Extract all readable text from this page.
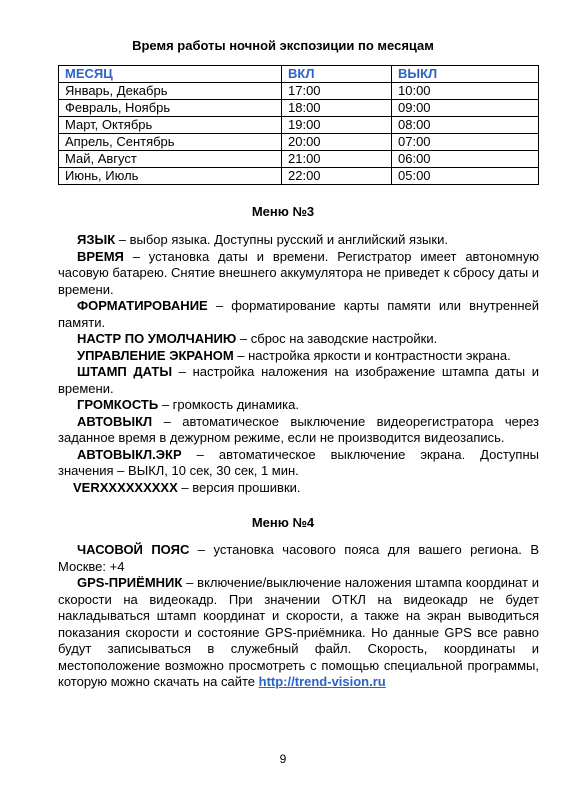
Время работы ночной экспозиции по месяцам
МЕСЯЦ	ВКЛ	ВЫКЛ
Январь, Декабрь	17:00	10:00
Февраль, Ноябрь	18:00	09:00
Март, Октябрь	19:00	08:00
Апрель, Сентябрь	20:00	07:00
Май, Август	21:00	06:00
Июнь, Июль	22:00	05:00
Меню №3

ЯЗЫК – выбор языка. Доступны русский и английский языки.

ВРЕМЯ – установка даты и времени. Регистратор имеет автономную часовую батарею. Снятие внешнего аккумулятора не приведет к сбросу даты и времени.

ФОРМАТИРОВАНИЕ – форматирование карты памяти или внутренней памяти.

НАСТР ПО УМОЛЧАНИЮ – сброс на заводские настройки.

УПРАВЛЕНИЕ ЭКРАНОМ – настройка яркости и контрастности экрана.

ШТАМП ДАТЫ – настройка наложения на изображение штампа даты и времени.

ГРОМКОСТЬ – громкость динамика.

АВТОВЫКЛ – автоматическое выключение видеорегистратора через заданное время в дежурном режиме, если не производится видеозапись.

АВТОВЫКЛ.ЭКР – автоматическое выключение экрана. Доступны значения – ВЫКЛ, 10 сек, 30 сек, 1 мин.

VERXXXXXXXXX – версия прошивки.

Меню №4

ЧАСОВОЙ ПОЯС – установка часового пояса для вашего региона. В Москве: +4

GPS-ПРИЁМНИК – включение/выключение наложения штампа координат и скорости на видеокадр. При значении ОТКЛ на видеокадр не будет накладываться штамп координат и скорости, а также на экран выводиться показания скорости и состояние GPS-приёмника. Но данные GPS все равно будут записываться в служебный файл. Скорость, координаты и местоположение возможно просмотреть с помощью специальной программы, которую можно скачать на сайте http://trend-vision.ru

9
